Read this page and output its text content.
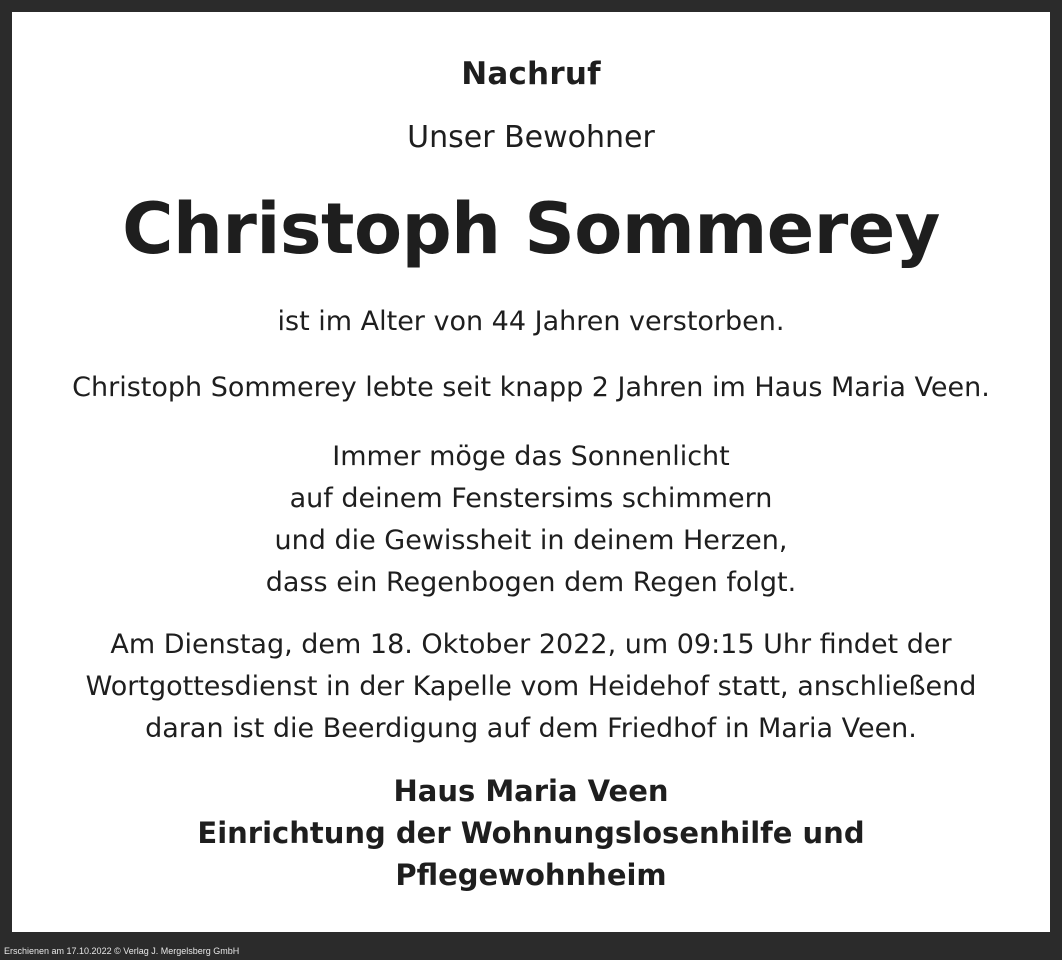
Nachruf
Unser Bewohner
Christoph Sommerey
ist im Alter von 44 Jahren verstorben.
Christoph Sommerey lebte seit knapp 2 Jahren im Haus Maria Veen.
Immer möge das Sonnenlicht
auf deinem Fenstersims schimmern
und die Gewissheit in deinem Herzen,
dass ein Regenbogen dem Regen folgt.
Am Dienstag, dem 18. Oktober 2022, um 09:15 Uhr findet der
Wortgottesdienst in der Kapelle vom Heidehof statt, anschließend
daran ist die Beerdigung auf dem Friedhof in Maria Veen.
Haus Maria Veen
Einrichtung der Wohnungslosenhilfe und
Pflegewohnheim
Erschienen am 17.10.2022 © Verlag J. Mergelsberg GmbH
